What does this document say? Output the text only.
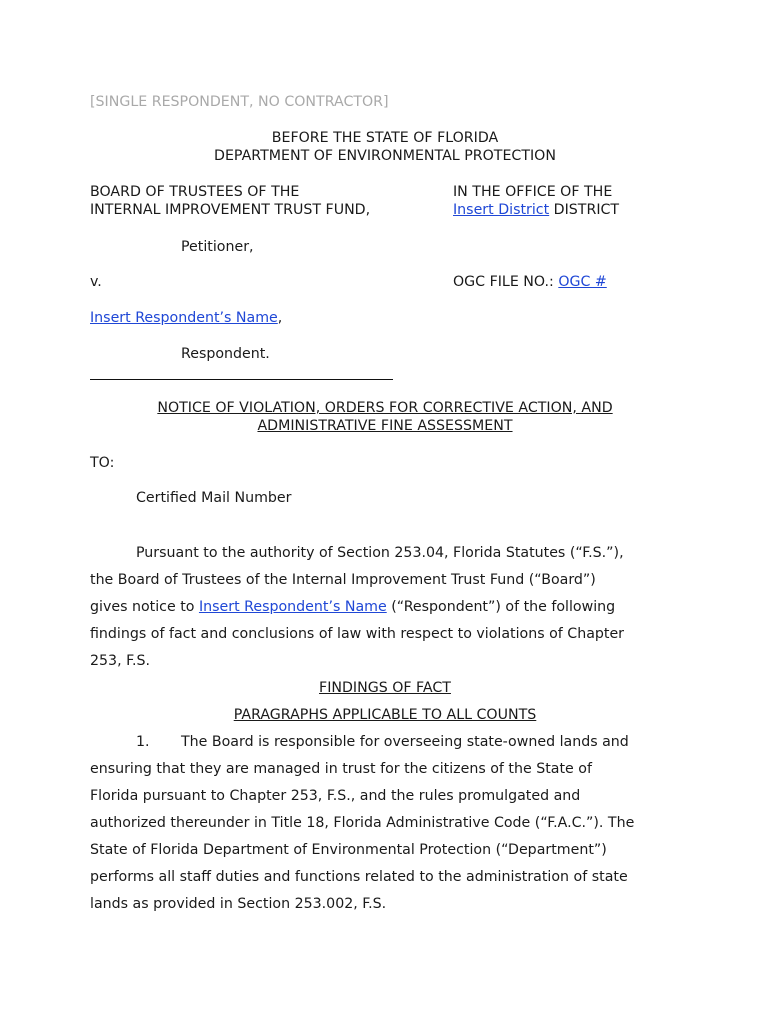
[SINGLE RESPONDENT, NO CONTRACTOR]
BEFORE THE STATE OF FLORIDA
DEPARTMENT OF ENVIRONMENTAL PROTECTION
BOARD OF TRUSTEES OF THE
INTERNAL IMPROVEMENT TRUST FUND,
IN THE OFFICE OF THE
Insert District DISTRICT
Petitioner,
v.	OGC FILE NO.: OGC #
Insert Respondent’s Name,
Respondent.
NOTICE OF VIOLATION, ORDERS FOR CORRECTIVE ACTION, AND
ADMINISTRATIVE FINE ASSESSMENT
TO:
Certified Mail Number
Pursuant to the authority of Section 253.04, Florida Statutes (“F.S.”),
the Board of Trustees of the Internal Improvement Trust Fund (“Board”)
gives notice to Insert Respondent’s Name (“Respondent”) of the following
findings of fact and conclusions of law with respect to violations of Chapter
253, F.S.
FINDINGS OF FACT
PARAGRAPHS APPLICABLE TO ALL COUNTS
1. The Board is responsible for overseeing state-owned lands and
ensuring that they are managed in trust for the citizens of the State of
Florida pursuant to Chapter 253, F.S., and the rules promulgated and
authorized thereunder in Title 18, Florida Administrative Code (“F.A.C.”). The
State of Florida Department of Environmental Protection (“Department”)
performs all staff duties and functions related to the administration of state
lands as provided in Section 253.002, F.S.
